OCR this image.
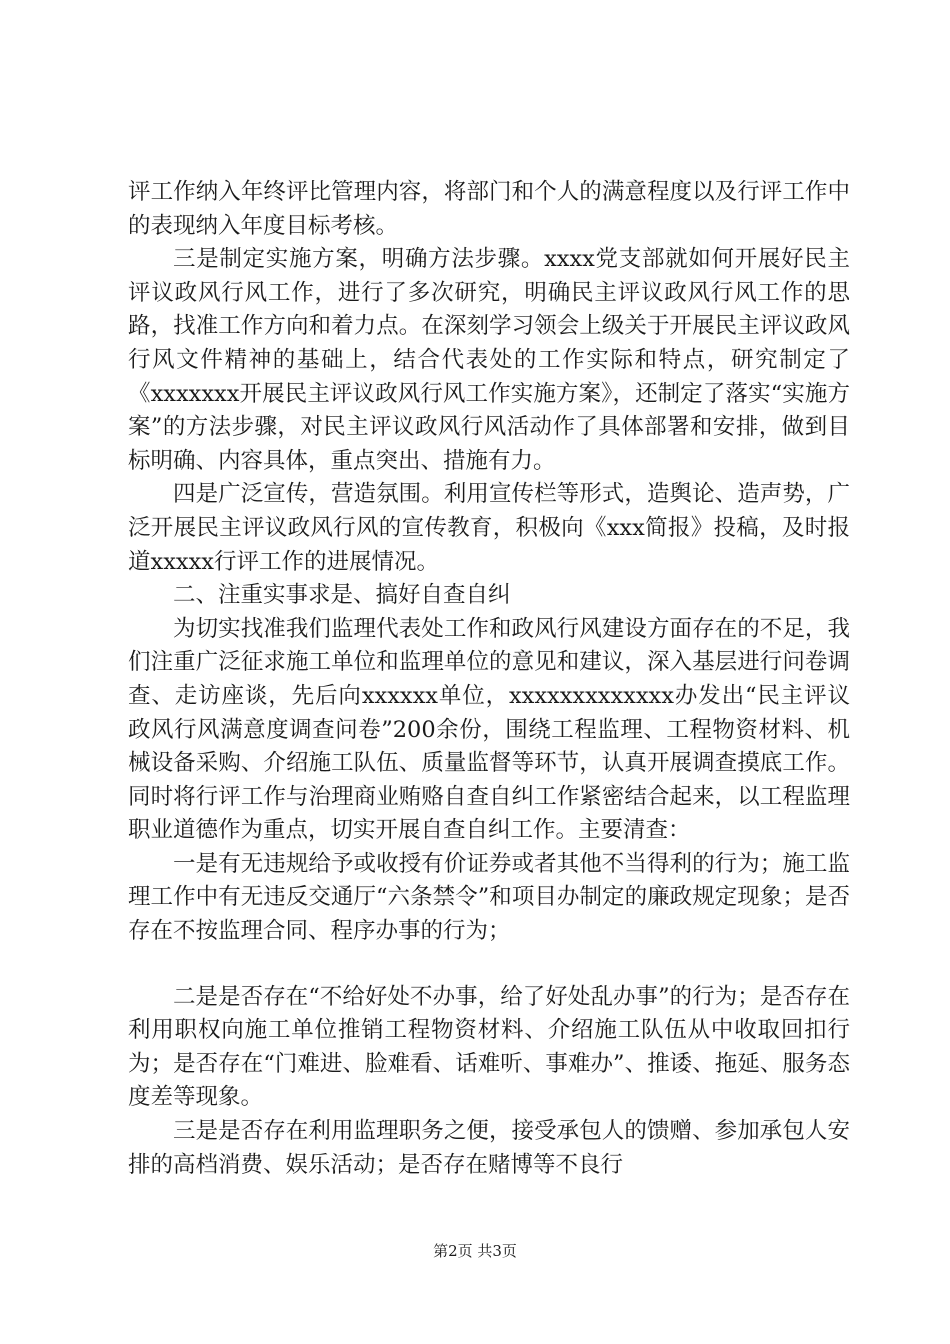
评工作纳入年终评比管理内容，将部门和个人的满意程度以及行评工作中的表现纳入年度目标考核。

三是制定实施方案，明确方法步骤。xxxx党支部就如何开展好民主评议政风行风工作，进行了多次研究，明确民主评议政风行风工作的思路，找准工作方向和着力点。在深刻学习领会上级关于开展民主评议政风行风文件精神的基础上，结合代表处的工作实际和特点，研究制定了《xxxxxxx开展民主评议政风行风工作实施方案》，还制定了落实“实施方案”的方法步骤，对民主评议政风行风活动作了具体部署和安排，做到目标明确、内容具体，重点突出、措施有力。

四是广泛宣传，营造氛围。利用宣传栏等形式，造舆论、造声势，广泛开展民主评议政风行风的宣传教育，积极向《xxx简报》投稿，及时报道xxxxx行评工作的进展情况。

二、注重实事求是、搞好自查自纠

为切实找准我们监理代表处工作和政风行风建设方面存在的不足，我们注重广泛征求施工单位和监理单位的意见和建议，深入基层进行问卷调查、走访座谈，先后向xxxxxx单位，xxxxxxxxxxxxx办发出“民主评议政风行风满意度调查问卷”200余份，围绕工程监理、工程物资材料、机械设备采购、介绍施工队伍、质量监督等环节，认真开展调查摸底工作。同时将行评工作与治理商业贿赂自查自纠工作紧密结合起来，以工程监理职业道德作为重点，切实开展自查自纠工作。主要清查：

一是有无违规给予或收授有价证券或者其他不当得利的行为；施工监理工作中有无违反交通厅“六条禁令”和项目办制定的廉政规定现象；是否存在不按监理合同、程序办事的行为；

二是是否存在“不给好处不办事，给了好处乱办事”的行为；是否存在利用职权向施工单位推销工程物资材料、介绍施工队伍从中收取回扣行为；是否存在“门难进、脸难看、话难听、事难办”、推诿、拖延、服务态度差等现象。

三是是否存在利用监理职务之便，接受承包人的馈赠、参加承包人安排的高档消费、娱乐活动；是否存在赌博等不良行

第2页 共3页
